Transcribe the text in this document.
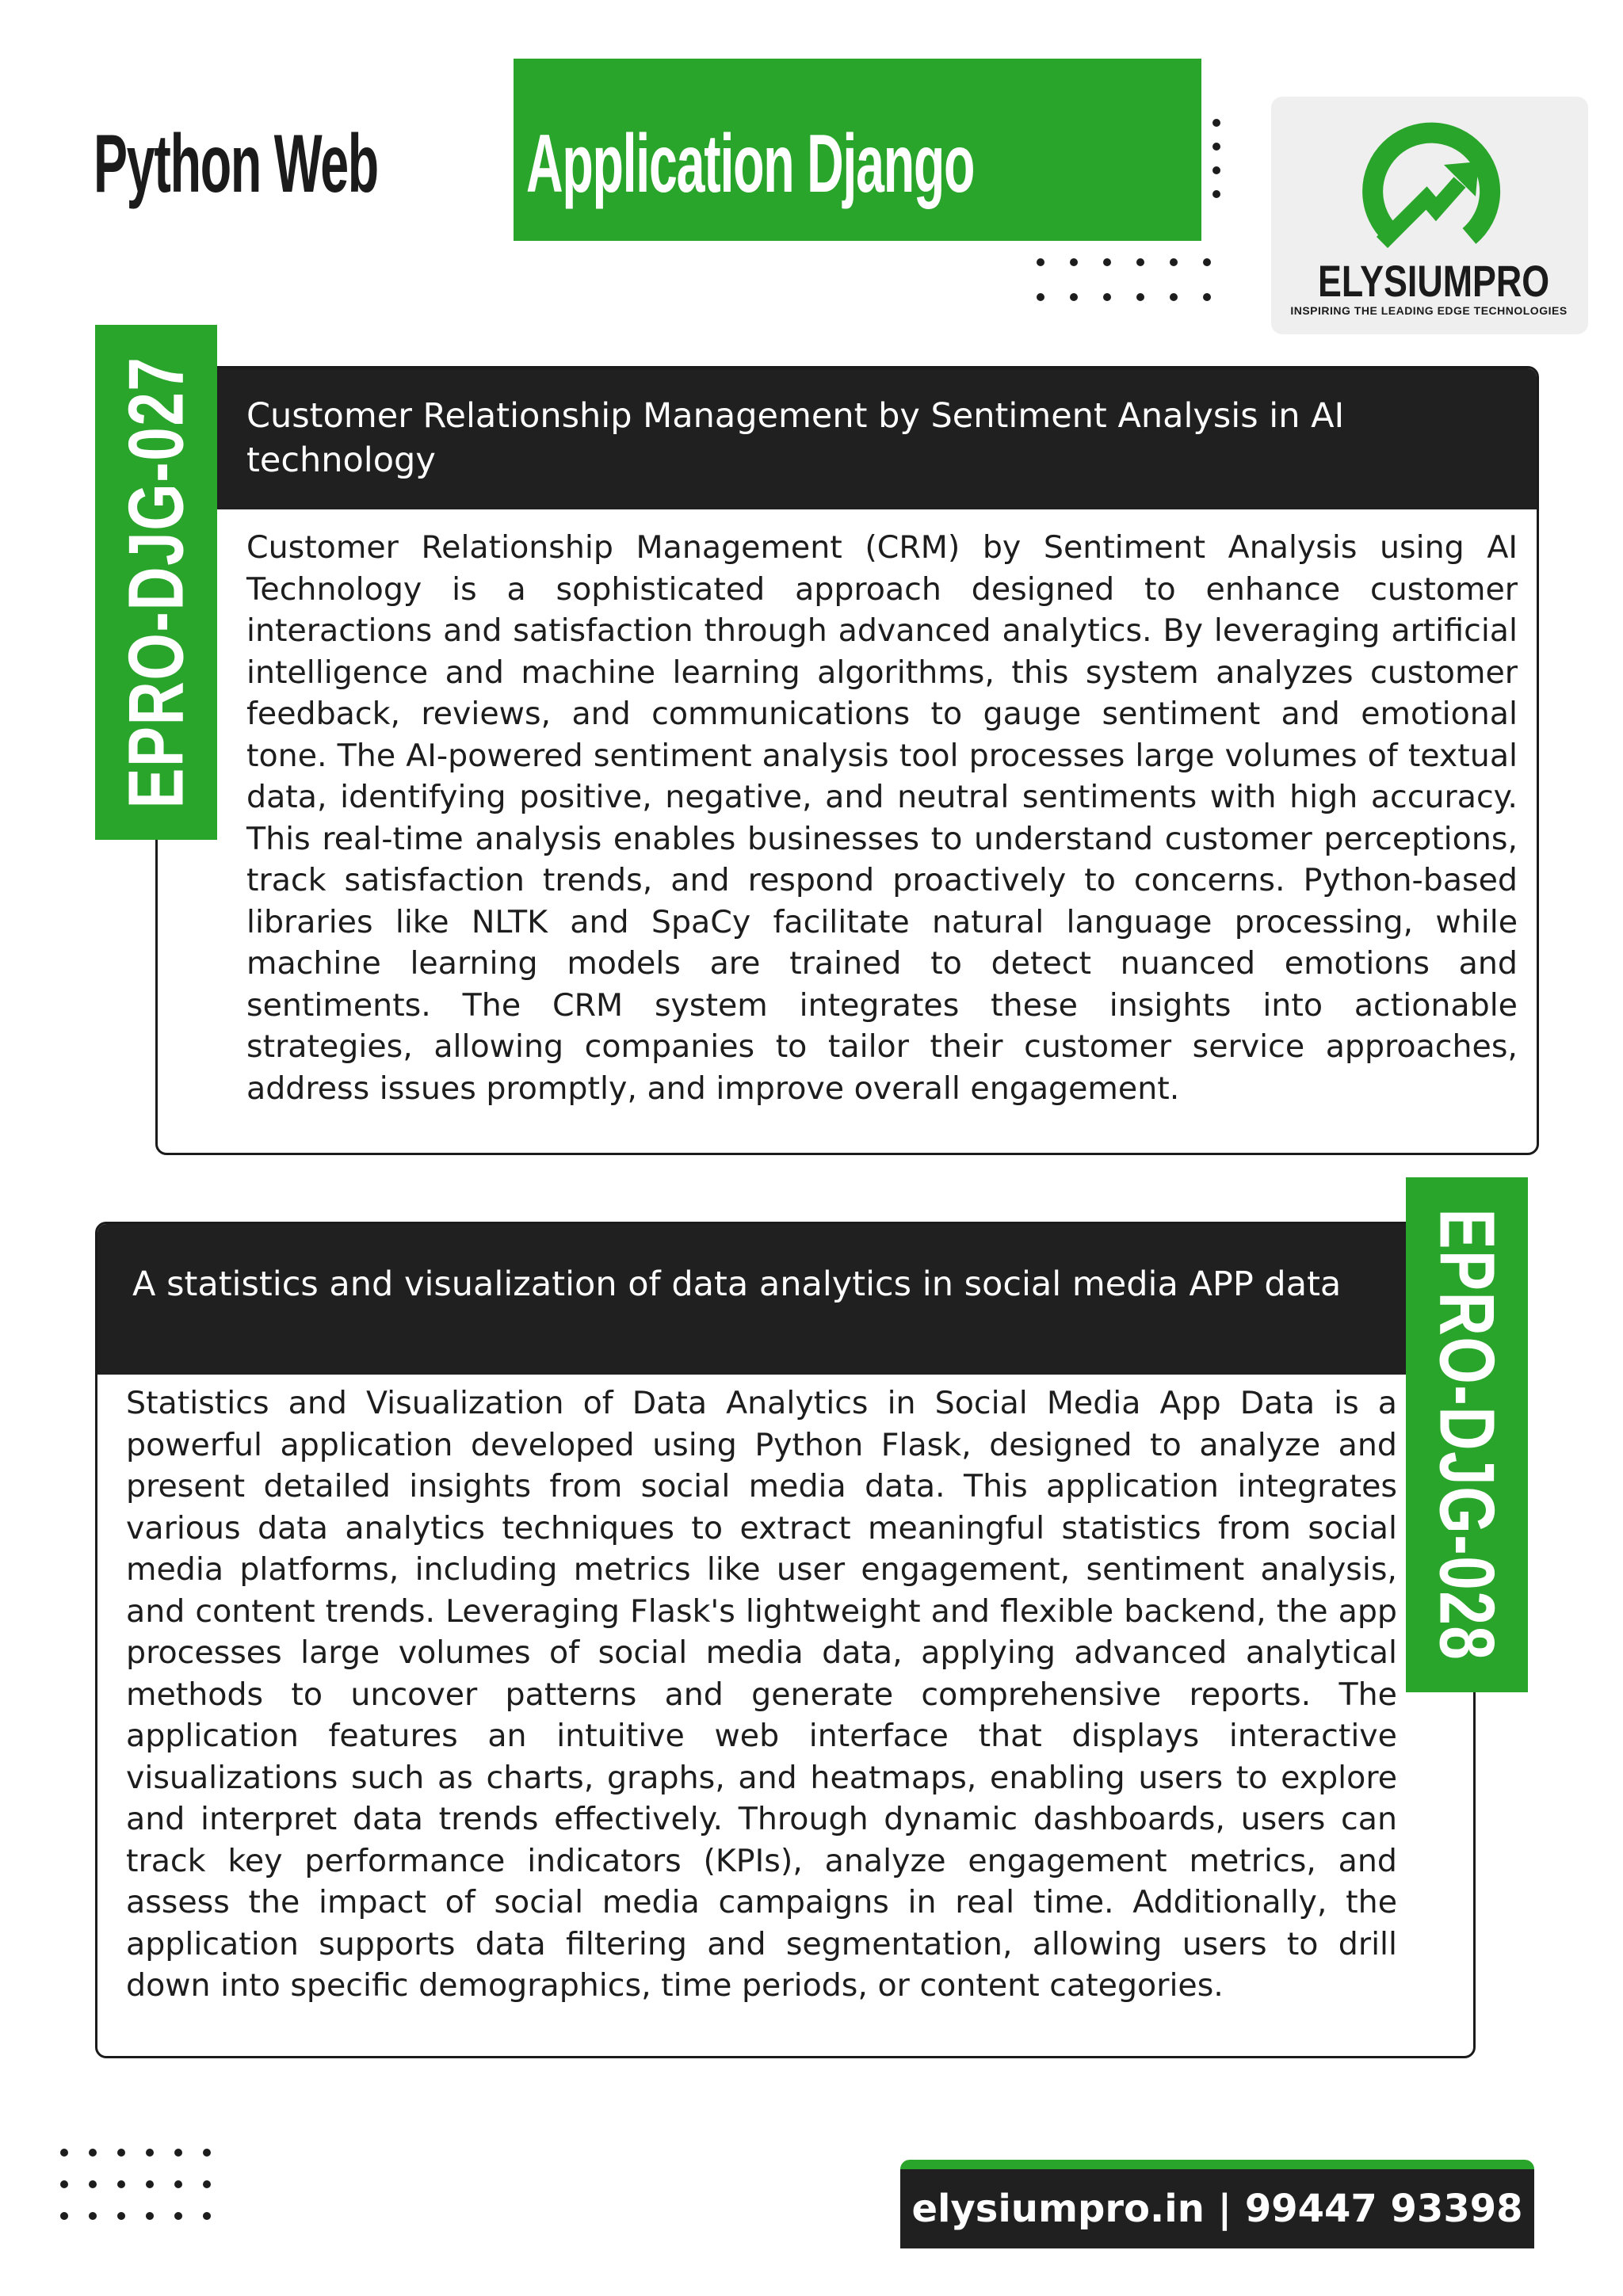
Python Web Application Django
ELYSIUMPRO
INSPIRING THE LEADING EDGE TECHNOLOGIES
Customer Relationship Management by Sentiment Analysis in AI technology
Customer Relationship Management (CRM) by Sentiment Analysis using AI Technology is a sophisticated approach designed to enhance customer interactions and satisfaction through advanced analytics. By leveraging artificial intelligence and machine learning algorithms, this system analyzes customer feedback, reviews, and communications to gauge sentiment and emotional tone. The AI-powered sentiment analysis tool processes large volumes of textual data, identifying positive, negative, and neutral sentiments with high accuracy. This real-time analysis enables businesses to understand customer perceptions, track satisfaction trends, and respond proactively to concerns. Python-based libraries like NLTK and SpaCy facilitate natural language processing, while machine learning models are trained to detect nuanced emotions and sentiments. The CRM system integrates these insights into actionable strategies, allowing companies to tailor their customer service approaches, address issues promptly, and improve overall engagement.
EPRO-DJG-027
A statistics and visualization of data analytics in social media APP data
Statistics and Visualization of Data Analytics in Social Media App Data is a powerful application developed using Python Flask, designed to analyze and present detailed insights from social media data. This application integrates various data analytics techniques to extract meaningful statistics from social media platforms, including metrics like user engagement, sentiment analysis, and content trends. Leveraging Flask's lightweight and flexible backend, the app processes large volumes of social media data, applying advanced analytical methods to uncover patterns and generate comprehensive reports. The application features an intuitive web interface that displays interactive visualizations such as charts, graphs, and heatmaps, enabling users to explore and interpret data trends effectively. Through dynamic dashboards, users can track key performance indicators (KPIs), analyze engagement metrics, and assess the impact of social media campaigns in real time. Additionally, the application supports data filtering and segmentation, allowing users to drill down into specific demographics, time periods, or content categories.
EPRO-DJG-028
elysiumpro.in | 99447 93398
